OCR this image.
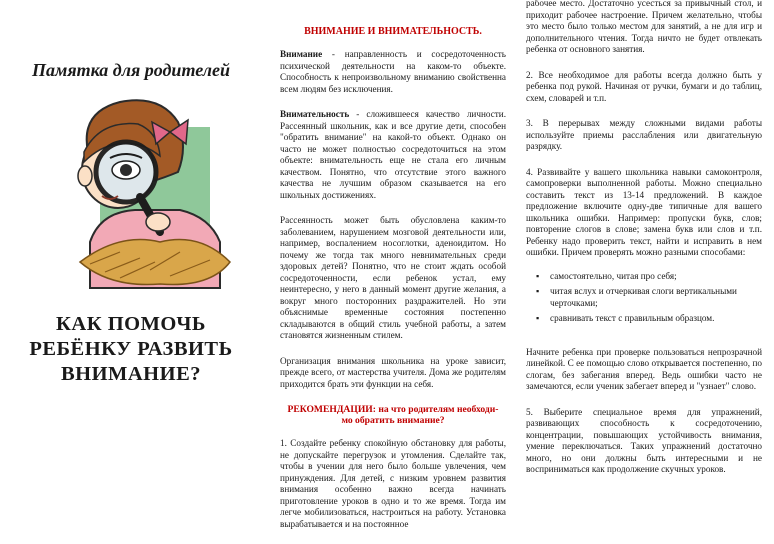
Памятка для родителей
КАК ПОМОЧЬ
РЕБЁНКУ РАЗВИТЬ
ВНИМАНИЕ?
ВНИМАНИЕ И ВНИМАТЕЛЬНОСТЬ.

Внимание - направленность и сосредоточенность психической деятельности на каком-то объекте. Способность к непроизвольному вниманию свойственна всем людям без исключения.

Внимательность - сложившееся качество личности. Рассеянный школьник, как и все другие дети, способен "обратить внимание" на какой-то объект. Однако он часто не может полностью сосредоточиться на этом объекте: внимательность еще не стала его личным качеством. Понятно, что отсутствие этого важного качества не лучшим образом сказывается на его школьных достижениях.

Рассеянность может быть обусловлена каким-то заболеванием, нарушением мозговой деятельности или, например, воспалением носоглотки, аденоидитом. Но почему же тогда так много невнимательных среди здоровых детей? Понятно, что не стоит ждать особой сосредоточенности, если ребенок устал, ему неинтересно, у него в данный момент другие желания, а вокруг много посторонних раздражителей. Но эти объяснимые временные состояния постепенно складываются в общий стиль учебной работы, а затем становятся жизненным стилем.

Организация внимания школьника на уроке зависит, прежде всего, от мастерства учителя. Дома же родителям приходится брать эти функции на себя.

РЕКОМЕНДАЦИИ: на что родителям необходи-
мо обратить внимание?

1. Создайте ребенку спокойную обстановку для работы, не допускайте перегрузок и утомления. Сделайте так, чтобы в учении для него было больше увлечения, чем принуждения. Для детей, с низким уровнем развития внимания особенно важно всегда начинать приготовление уроков в одно и то же время. Тогда им легче мобилизоваться, настроиться на работу. Установка вырабатывается и на постоянное

рабочее место. Достаточно усесться за привычный стол, и приходит рабочее настроение. Причем желательно, чтобы это место было только местом для занятий, а не для игр и дополнительного чтения. Тогда ничто не будет отвлекать ребенка от основного занятия.

2. Все необходимое для работы всегда должно быть у ребенка под рукой. Начиная от ручки, бумаги и до таблиц, схем, словарей и т.п.

3. В перерывах между сложными видами работы используйте приемы расслабления или двигательную разрядку.

4. Развивайте у вашего школьника навыки самоконтроля, самопроверки выполненной работы. Можно специально составить текст из 13-14 предложений. В каждое предложение включите одну-две типичные для вашего школьника ошибки. Например: пропуски букв, слов; повторение слогов в слове; замена букв или слов и т.п. Ребенку надо проверить текст, найти и исправить в нем ошибки. Причем проверять можно разными способами:

▪ самостоятельно, читая про себя;
▪ читая вслух и отчеркивая слоги вертикальными черточками;
▪ сравнивать текст с правильным образцом.

Начните ребенка при проверке пользоваться непрозрачной линейкой. С ее помощью слово открывается постепенно, по слогам, без забегания вперед. Ведь ошибки часто не замечаются, если ученик забегает вперед и "узнает" слово.

5. Выберите специальное время для упражнений, развивающих способность к сосредоточению, концентрации, повышающих устойчивость внимания, умение переключаться. Таких упражнений достаточно много, но они должны быть интересными и не восприниматься как продолжение скучных уроков.
